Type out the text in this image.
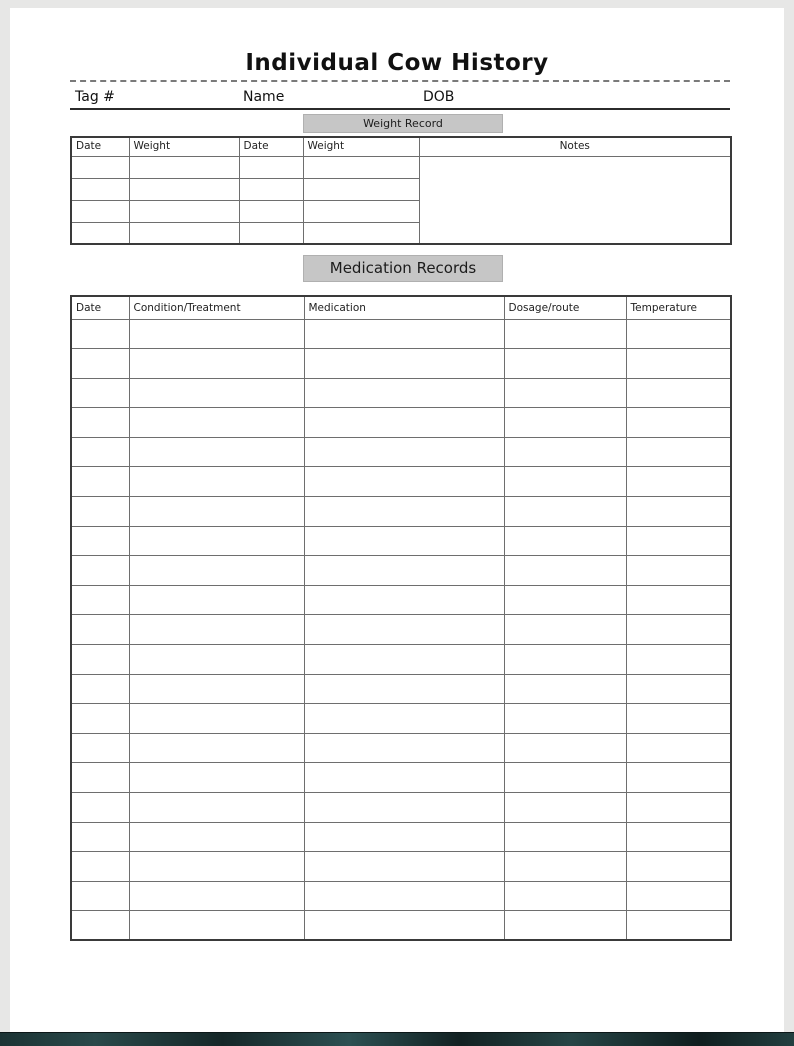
Individual Cow History
Tag #	Name	DOB
Weight Record
Date	Weight	Date	Weight	Notes

Medication Records
Date	Condition/Treatment	Medication	Dosage/route	Temperature
